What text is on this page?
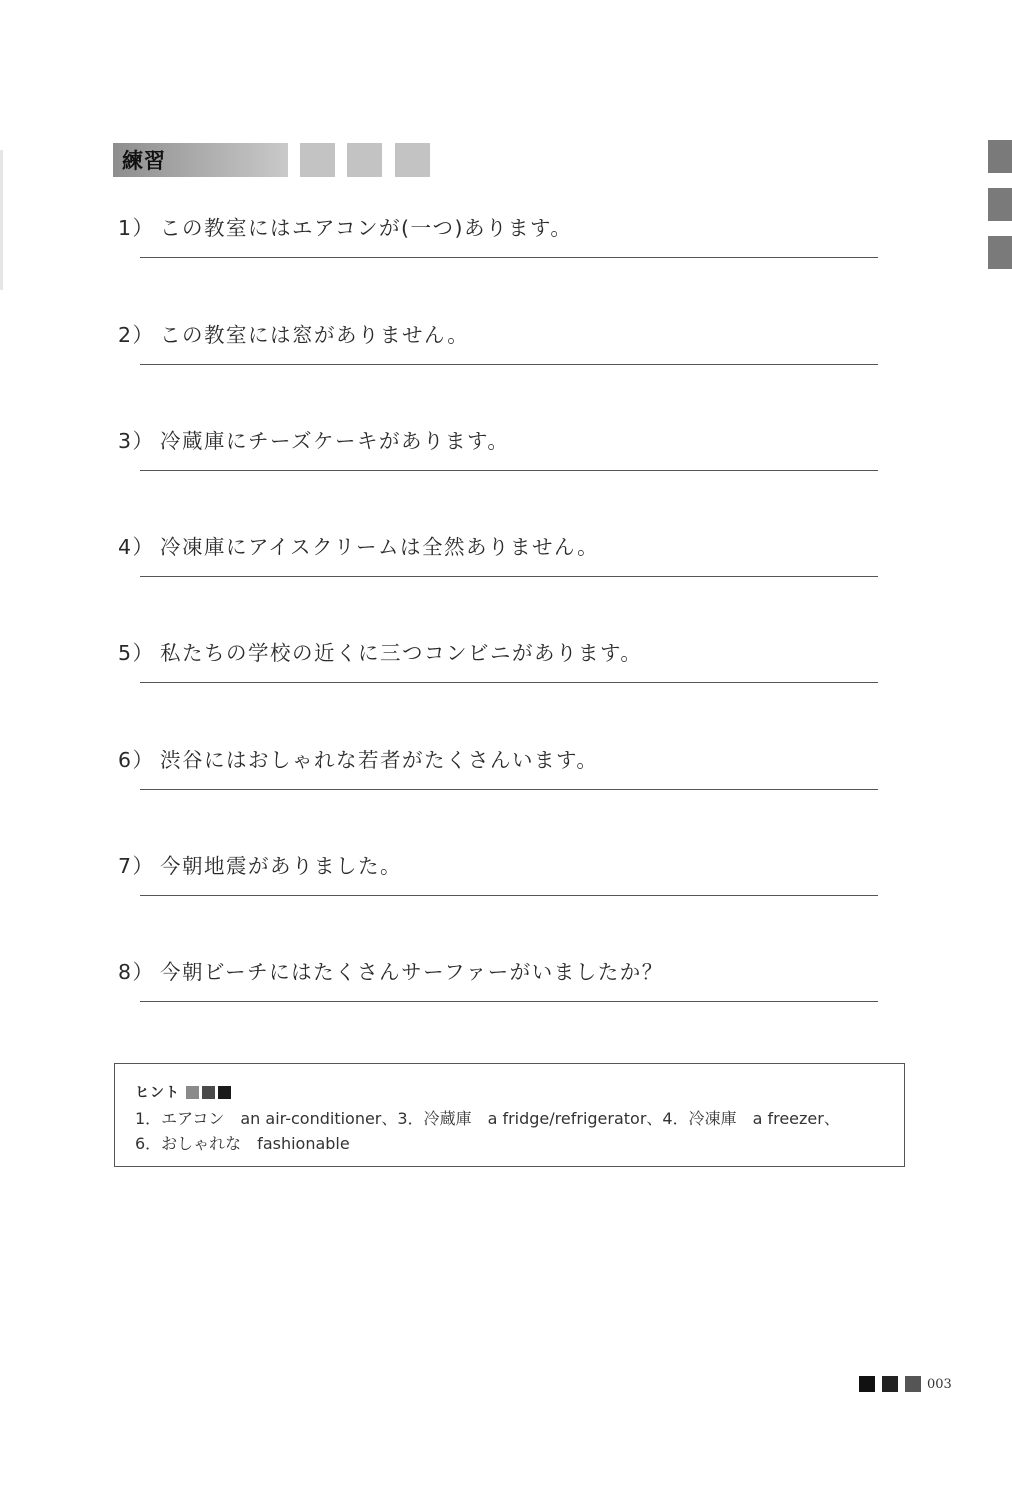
練習
1） この教室にはエアコンが(一つ)あります。
2） この教室には窓がありません。
3） 冷蔵庫にチーズケーキがあります。
4） 冷凍庫にアイスクリームは全然ありません。
5） 私たちの学校の近くに三つコンビニがあります。
6） 渋谷にはおしゃれな若者がたくさんいます。
7） 今朝地震がありました。
8） 今朝ビーチにはたくさんサーファーがいましたか？
ヒント
1．エアコン　an air-conditioner、3．冷蔵庫　a fridge/refrigerator、4．冷凍庫　a freezer、
6．おしゃれな　fashionable
003
